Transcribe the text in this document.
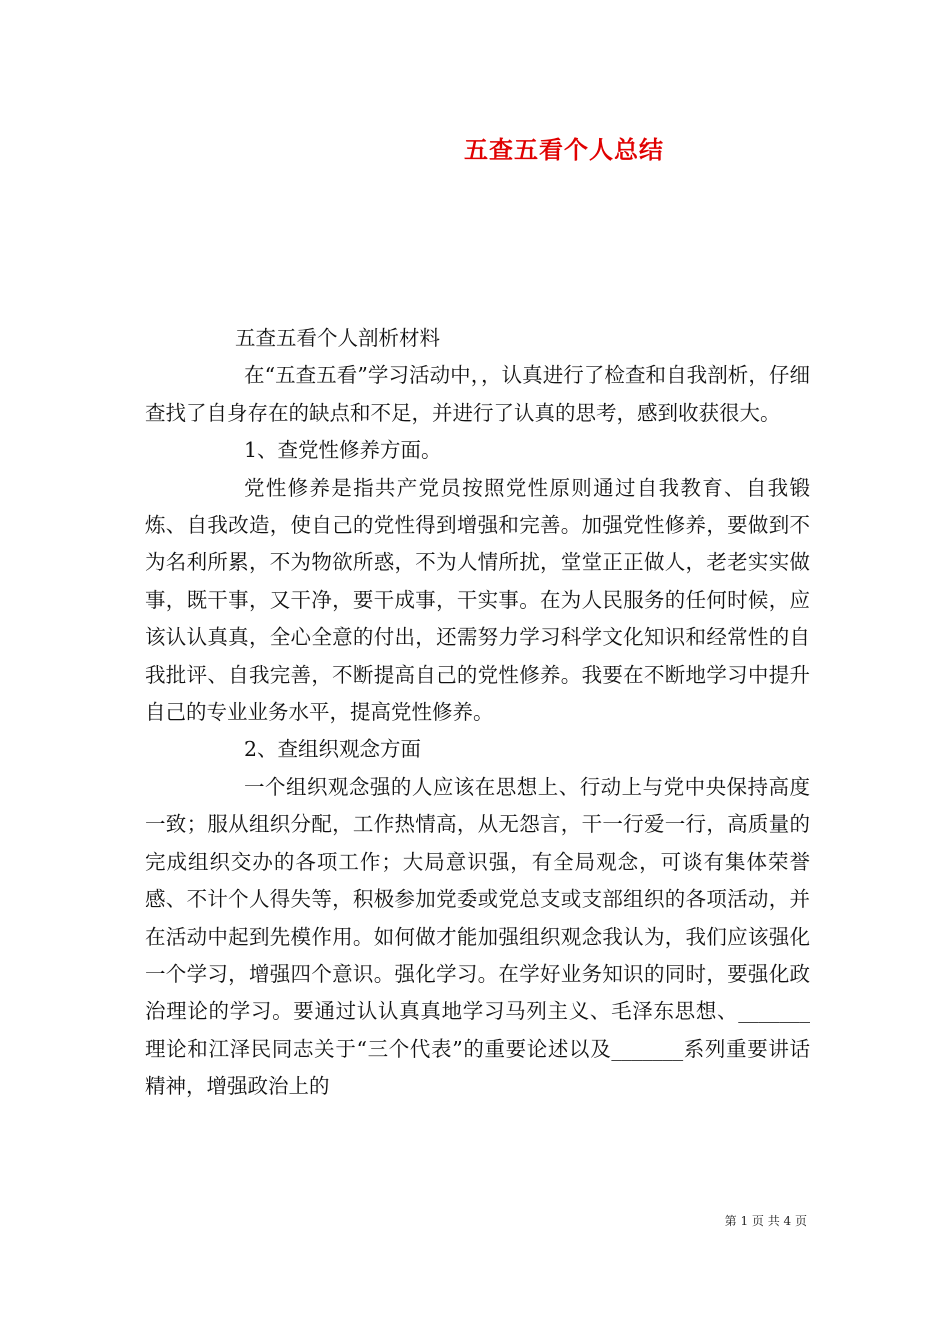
五查五看个人总结

五查五看个人剖析材料

在“五查五看”学习活动中，，认真进行了检查和自我剖析，仔细查找了自身存在的缺点和不足，并进行了认真的思考，感到收获很大。

1、查党性修养方面。

党性修养是指共产党员按照党性原则通过自我教育、自我锻炼、自我改造，使自己的党性得到增强和完善。加强党性修养，要做到不为名利所累，不为物欲所惑，不为人情所扰，堂堂正正做人，老老实实做事，既干事，又干净，要干成事，干实事。在为人民服务的任何时候，应该认认真真，全心全意的付出，还需努力学习科学文化知识和经常性的自我批评、自我完善，不断提高自己的党性修养。我要在不断地学习中提升自己的专业业务水平，提高党性修养。

2、查组织观念方面

一个组织观念强的人应该在思想上、行动上与党中央保持高度一致；服从组织分配，工作热情高，从无怨言，干一行爱一行，高质量的完成组织交办的各项工作；大局意识强，有全局观念，可谈有集体荣誉感、不计个人得失等，积极参加党委或党总支或支部组织的各项活动，并在活动中起到先模作用。如何做才能加强组织观念我认为，我们应该强化一个学习，增强四个意识。强化学习。在学好业务知识的同时，要强化政治理论的学习。要通过认认真真地学习马列主义、毛泽东思想、_______理论和江泽民同志关于“三个代表”的重要论述以及_______系列重要讲话精神，增强政治上的

第 1 页 共 4 页
